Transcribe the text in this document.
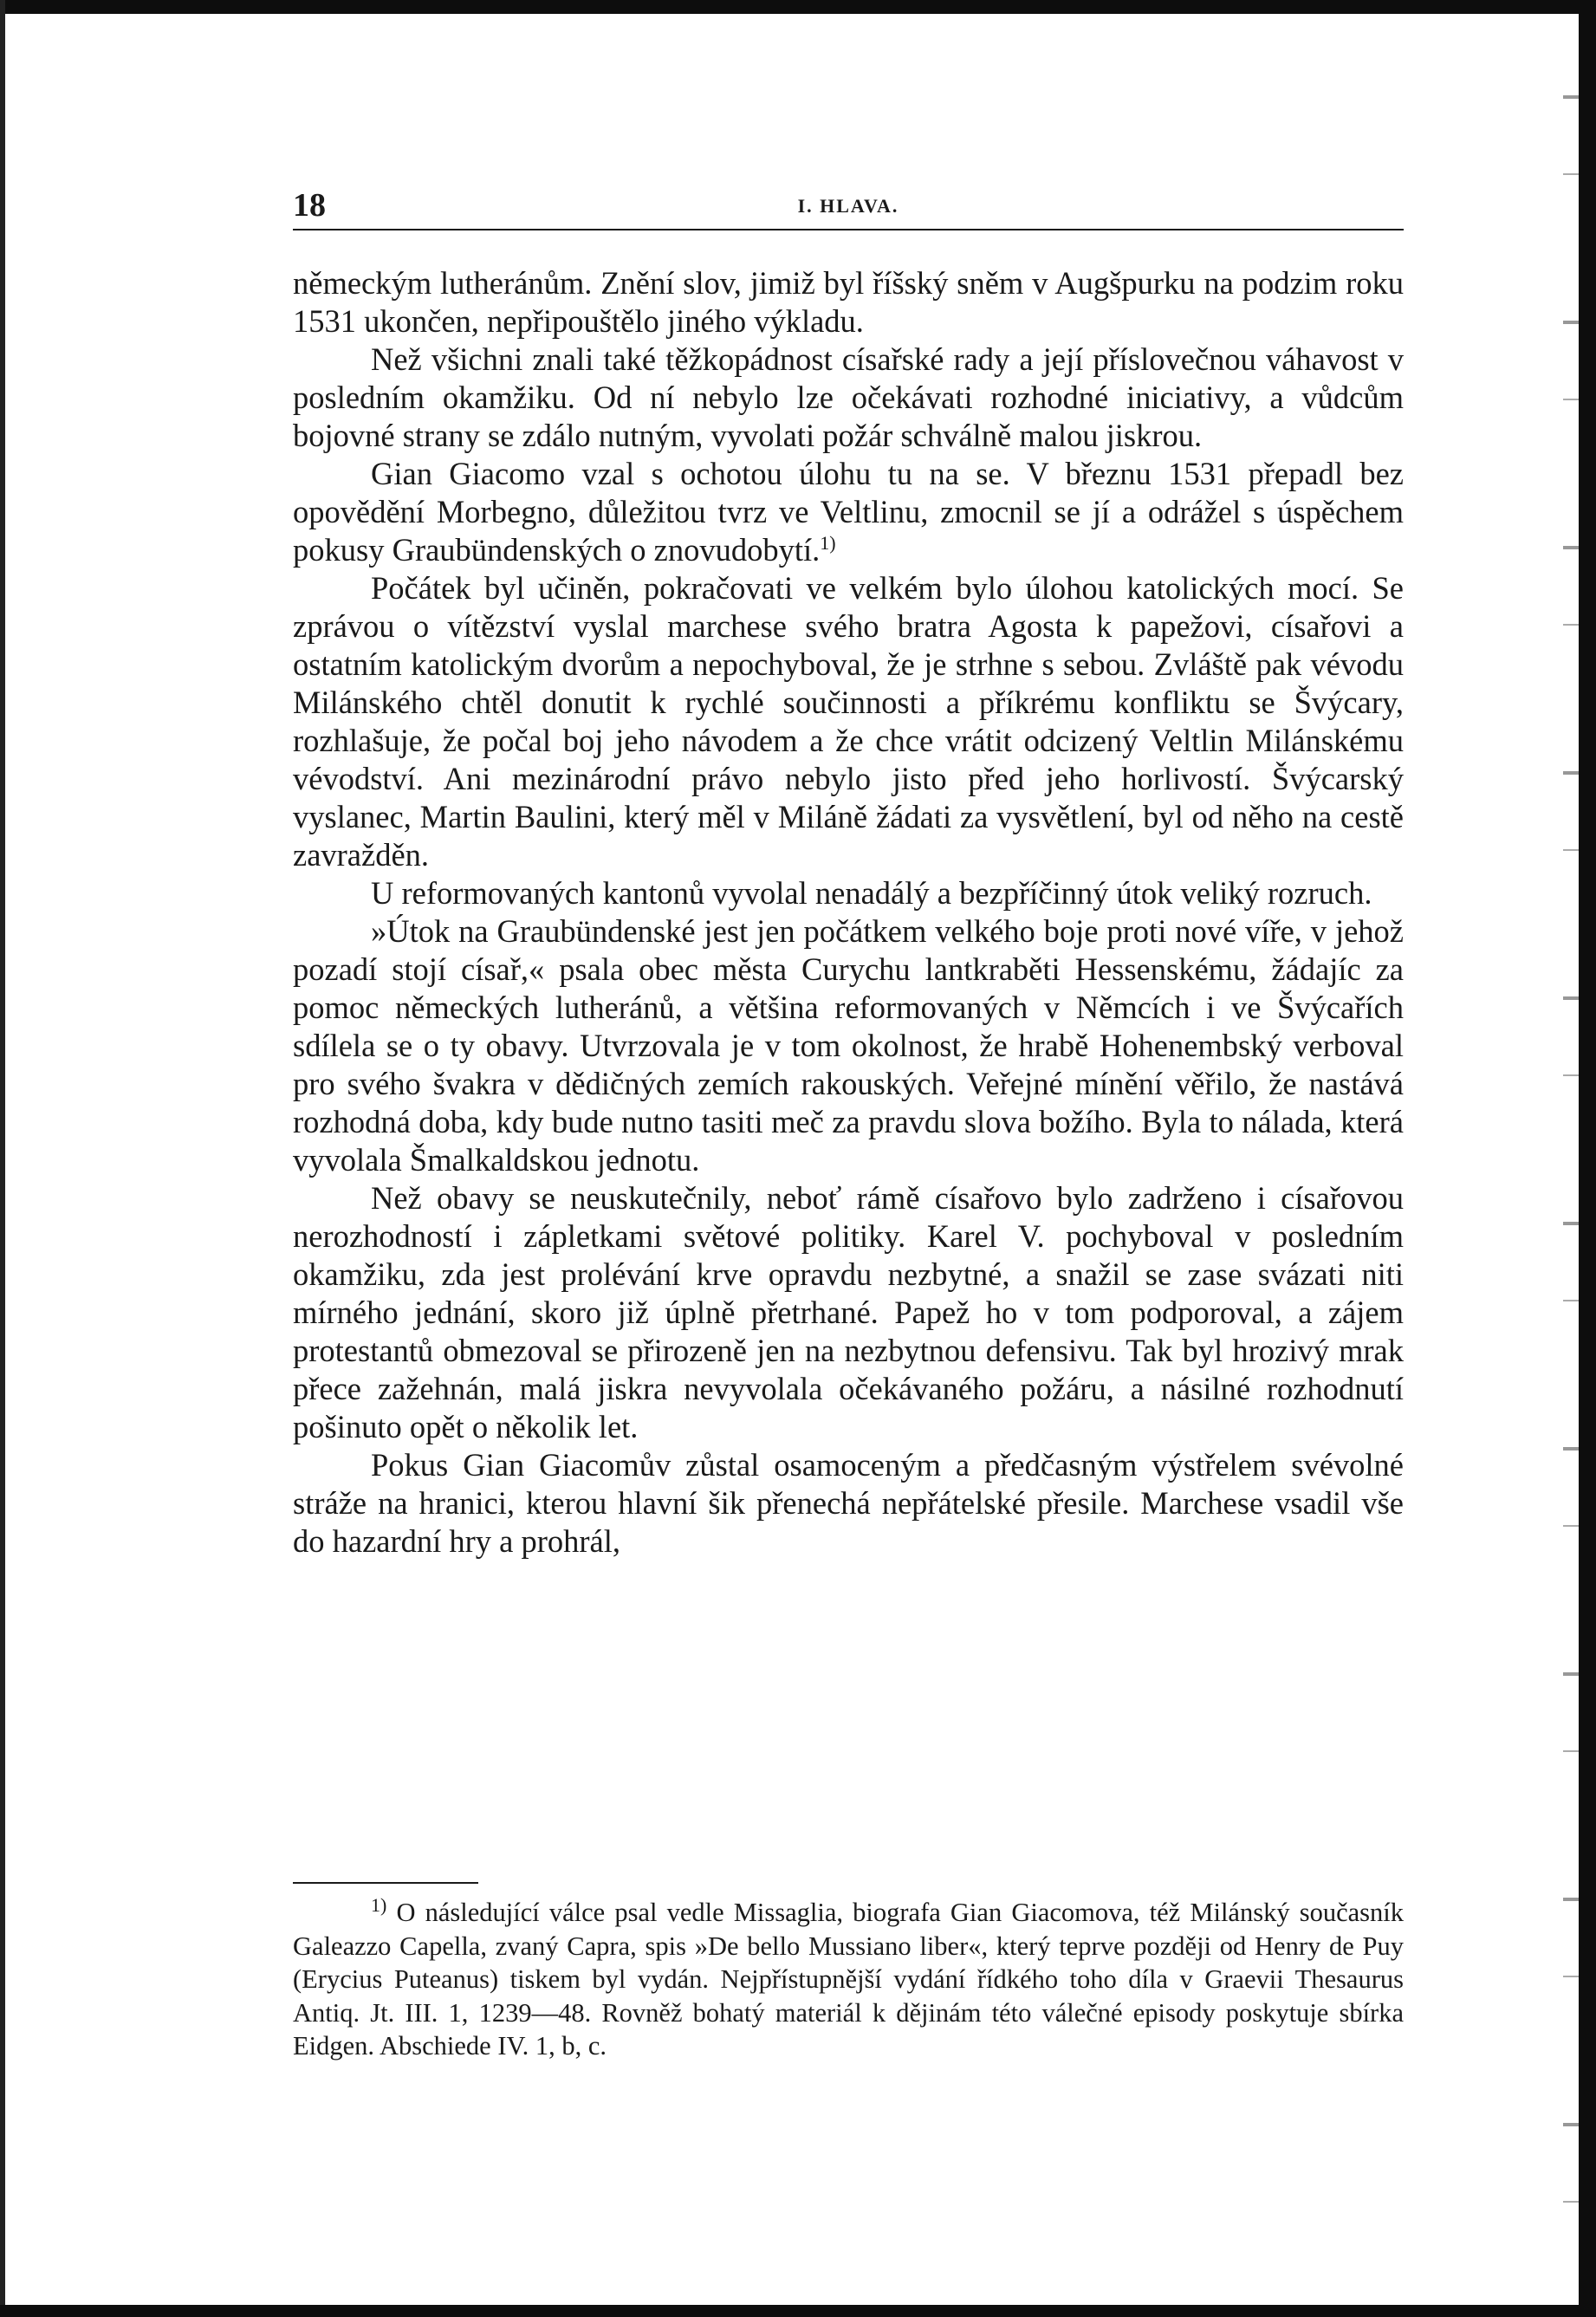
18	I. HLAVA.

německým lutheránům. Znění slov, jimiž byl říšský sněm v Augšpurku na podzim roku 1531 ukončen, nepřipouštělo jiného výkladu.

Než všichni znali také těžkopádnost císařské rady a její příslovečnou váhavost v posledním okamžiku. Od ní nebylo lze očekávati rozhodné iniciativy, a vůdcům bojovné strany se zdálo nutným, vyvolati požár schválně malou jiskrou.

Gian Giacomo vzal s ochotou úlohu tu na se. V březnu 1531 přepadl bez opovědění Morbegno, důležitou tvrz ve Veltlinu, zmocnil se jí a odrážel s úspěchem pokusy Graubündenských o znovudobytí.$^{1)}$

Počátek byl učiněn, pokračovati ve velkém bylo úlohou katolických mocí. Se zprávou o vítězství vyslal marchese svého bratra Agosta k papežovi, císařovi a ostatním katolickým dvorům a nepochyboval, že je strhne s sebou. Zvláště pak vévodu Milánského chtěl donutit k rychlé součinnosti a příkrému konfliktu se Švýcary, rozhlašuje, že počal boj jeho návodem a že chce vrátit odcizený Veltlin Milánskému vévodství. Ani mezinárodní právo nebylo jisto před jeho horlivostí. Švýcarský vyslanec, Martin Baulini, který měl v Miláně žádati za vysvětlení, byl od něho na cestě zavražděn.

U reformovaných kantonů vyvolal nenadálý a bezpříčinný útok veliký rozruch.

»Útok na Graubündenské jest jen počátkem velkého boje proti nové víře, v jehož pozadí stojí císař,« psala obec města Curychu lantkraběti Hessenskému, žádajíc za pomoc německých lutheránů, a většina reformovaných v Němcích i ve Švýcařích sdílela se o ty obavy. Utvrzovala je v tom okolnost, že hrabě Hohenembský verboval pro svého švakra v dědičných zemích rakouských. Veřejné mínění věřilo, že nastává rozhodná doba, kdy bude nutno tasiti meč za pravdu slova božího. Byla to nálada, která vyvolala Šmalkaldskou jednotu.

Než obavy se neuskutečnily, neboť rámě císařovo bylo zadrženo i císařovou nerozhodností i zápletkami světové politiky. Karel V. pochyboval v posledním okamžiku, zda jest prolévání krve opravdu nezbytné, a snažil se zase svázati niti mírného jednání, skoro již úplně přetrhané. Papež ho v tom podporoval, a zájem protestantů obmezoval se přirozeně jen na nezbytnou defensivu. Tak byl hrozivý mrak přece zažehnán, malá jiskra nevyvolala očekávaného požáru, a násilné rozhodnutí pošinuto opět o několik let.

Pokus Gian Giacomův zůstal osamoceným a předčasným výstřelem svévolné stráže na hranici, kterou hlavní šik přenechá nepřátelské přesile. Marchese vsadil vše do hazardní hry a prohrál,

$^{1)}$ O následující válce psal vedle Missaglia, biografa Gian Giacomova, též Milánský současník Galeazzo Capella, zvaný Capra, spis »De bello Mussiano liber«, který teprve později od Henry de Puy (Erycius Puteanus) tiskem byl vydán. Nejpřístupnější vydání řídkého toho díla v Graevii Thesaurus Antiq. Jt. III. 1, 1239—48. Rovněž bohatý materiál k dějinám této válečné episody poskytuje sbírka Eidgen. Abschiede IV. 1, b, c.
